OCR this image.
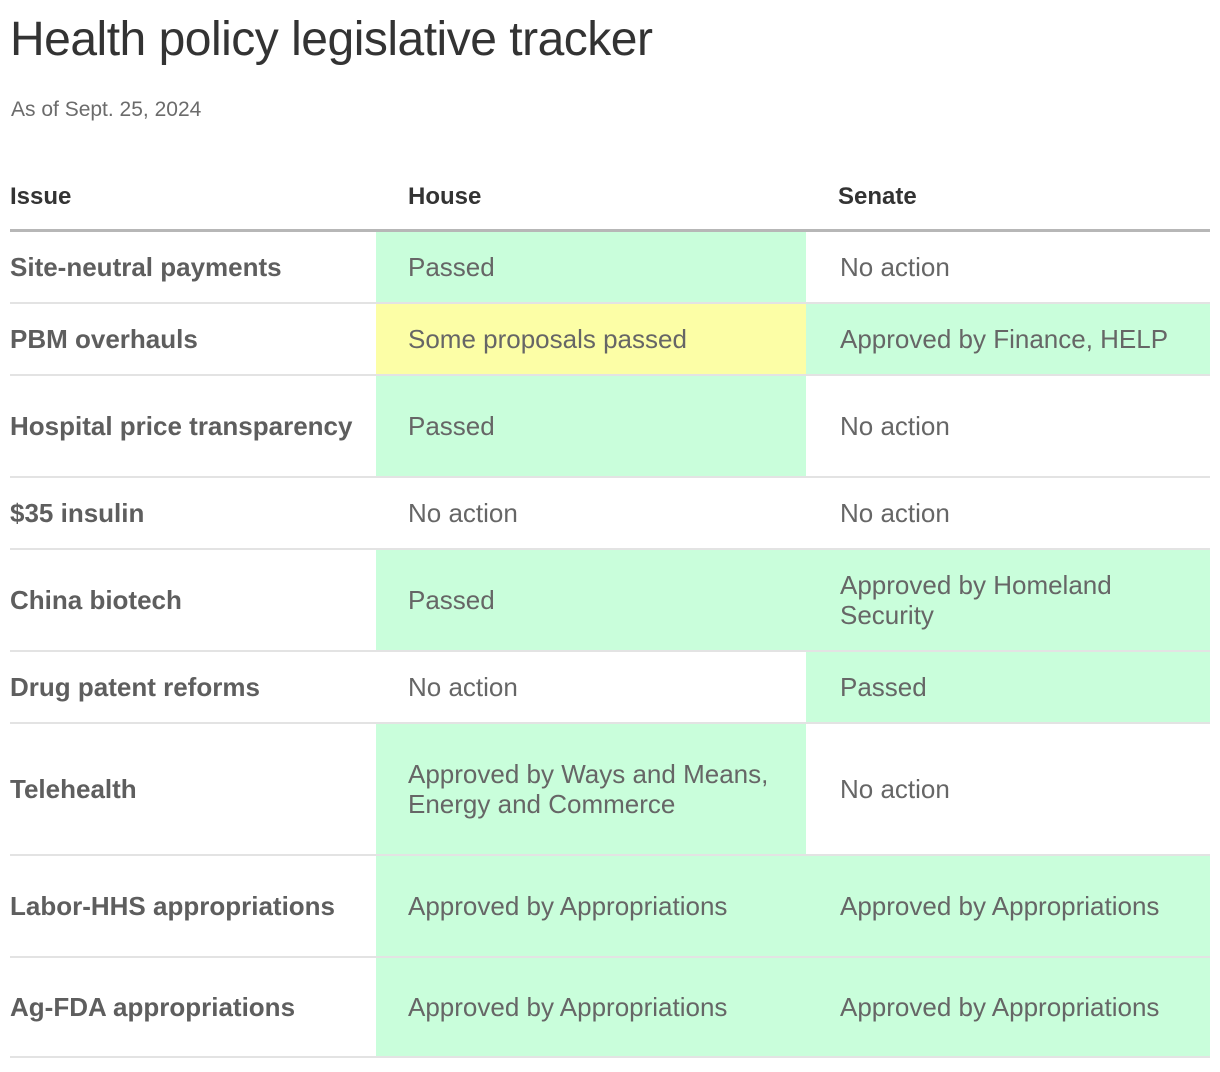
Health policy legislative tracker
As of Sept. 25, 2024
Issue	House	Senate
Site-neutral payments	Passed	No action
PBM overhauls	Some proposals passed	Approved by Finance, HELP
Hospital price transparency	Passed	No action
$35 insulin	No action	No action
China biotech	Passed	Approved by Homeland Security
Drug patent reforms	No action	Passed
Telehealth	Approved by Ways and Means, Energy and Commerce	No action
Labor-HHS appropriations	Approved by Appropriations	Approved by Appropriations
Ag-FDA appropriations	Approved by Appropriations	Approved by Appropriations
